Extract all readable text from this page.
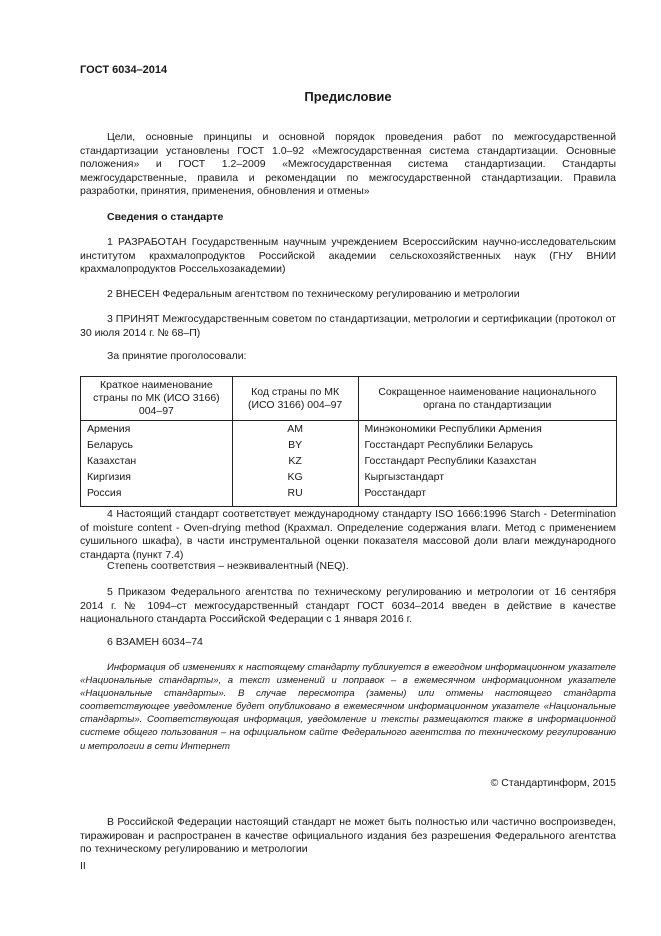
ГОСТ 6034–2014
Предисловие

Цели, основные принципы и основной порядок проведения работ по межгосударственной стандартизации установлены ГОСТ 1.0–92 «Межгосударственная система стандартизации. Основные положения» и ГОСТ 1.2–2009 «Межгосударственная система стандартизации. Стандарты межгосударственные, правила и рекомендации по межгосударственной стандартизации. Правила разработки, принятия, применения, обновления и отмены»

Сведения о стандарте

1 РАЗРАБОТАН Государственным научным учреждением Всероссийским научно-исследовательским институтом крахмалопродуктов Российской академии сельскохозяйственных наук (ГНУ ВНИИ крахмалопродуктов Россельхозакадемии)

2 ВНЕСЕН Федеральным агентством по техническому регулированию и метрологии

3 ПРИНЯТ Межгосударственным советом по стандартизации, метрологии и сертификации (протокол от 30 июля 2014 г. № 68–П)

За принятие проголосовали:
Краткое наименование страны по МК (ИСО 3166) 004–97	Код страны по МК (ИСО 3166) 004–97	Сокращенное наименование национального органа по стандартизации
Армения	AM	Минэкономики Республики Армения
Беларусь	BY	Госстандарт Республики Беларусь
Казахстан	KZ	Госстандарт Республики Казахстан
Киргизия	KG	Кыргызстандарт
Россия	RU	Росстандарт

4 Настоящий стандарт соответствует международному стандарту ISO 1666:1996 Starch - Determination of moisture content - Oven-drying method (Крахмал. Определение содержания влаги. Метод с применением сушильного шкафа), в части инструментальной оценки показателя массовой доли влаги международного стандарта (пункт 7.4)

Степень соответствия – неэквивалентный (NEQ).

5 Приказом Федерального агентства по техническому регулированию и метрологии от 16 сентября 2014 г. № 1094–ст межгосударственный стандарт ГОСТ 6034–2014 введен в действие в качестве национального стандарта Российской Федерации с 1 января 2016 г.

6 ВЗАМЕН 6034–74

Информация об изменениях к настоящему стандарту публикуется в ежегодном информационном указателе «Национальные стандарты», а текст изменений и поправок – в ежемесячном информационном указателе «Национальные стандарты». В случае пересмотра (замены) или отмены настоящего стандарта соответствующее уведомление будет опубликовано в ежемесячном информационном указателе «Национальные стандарты». Соответствующая информация, уведомление и тексты размещаются также в информационной системе общего пользования – на официальном сайте Федерального агентства по техническому регулированию и метрологии в сети Интернет

© Стандартинформ, 2015

В Российской Федерации настоящий стандарт не может быть полностью или частично воспроизведен, тиражирован и распространен в качестве официального издания без разрешения Федерального агентства по техническому регулированию и метрологии

II
